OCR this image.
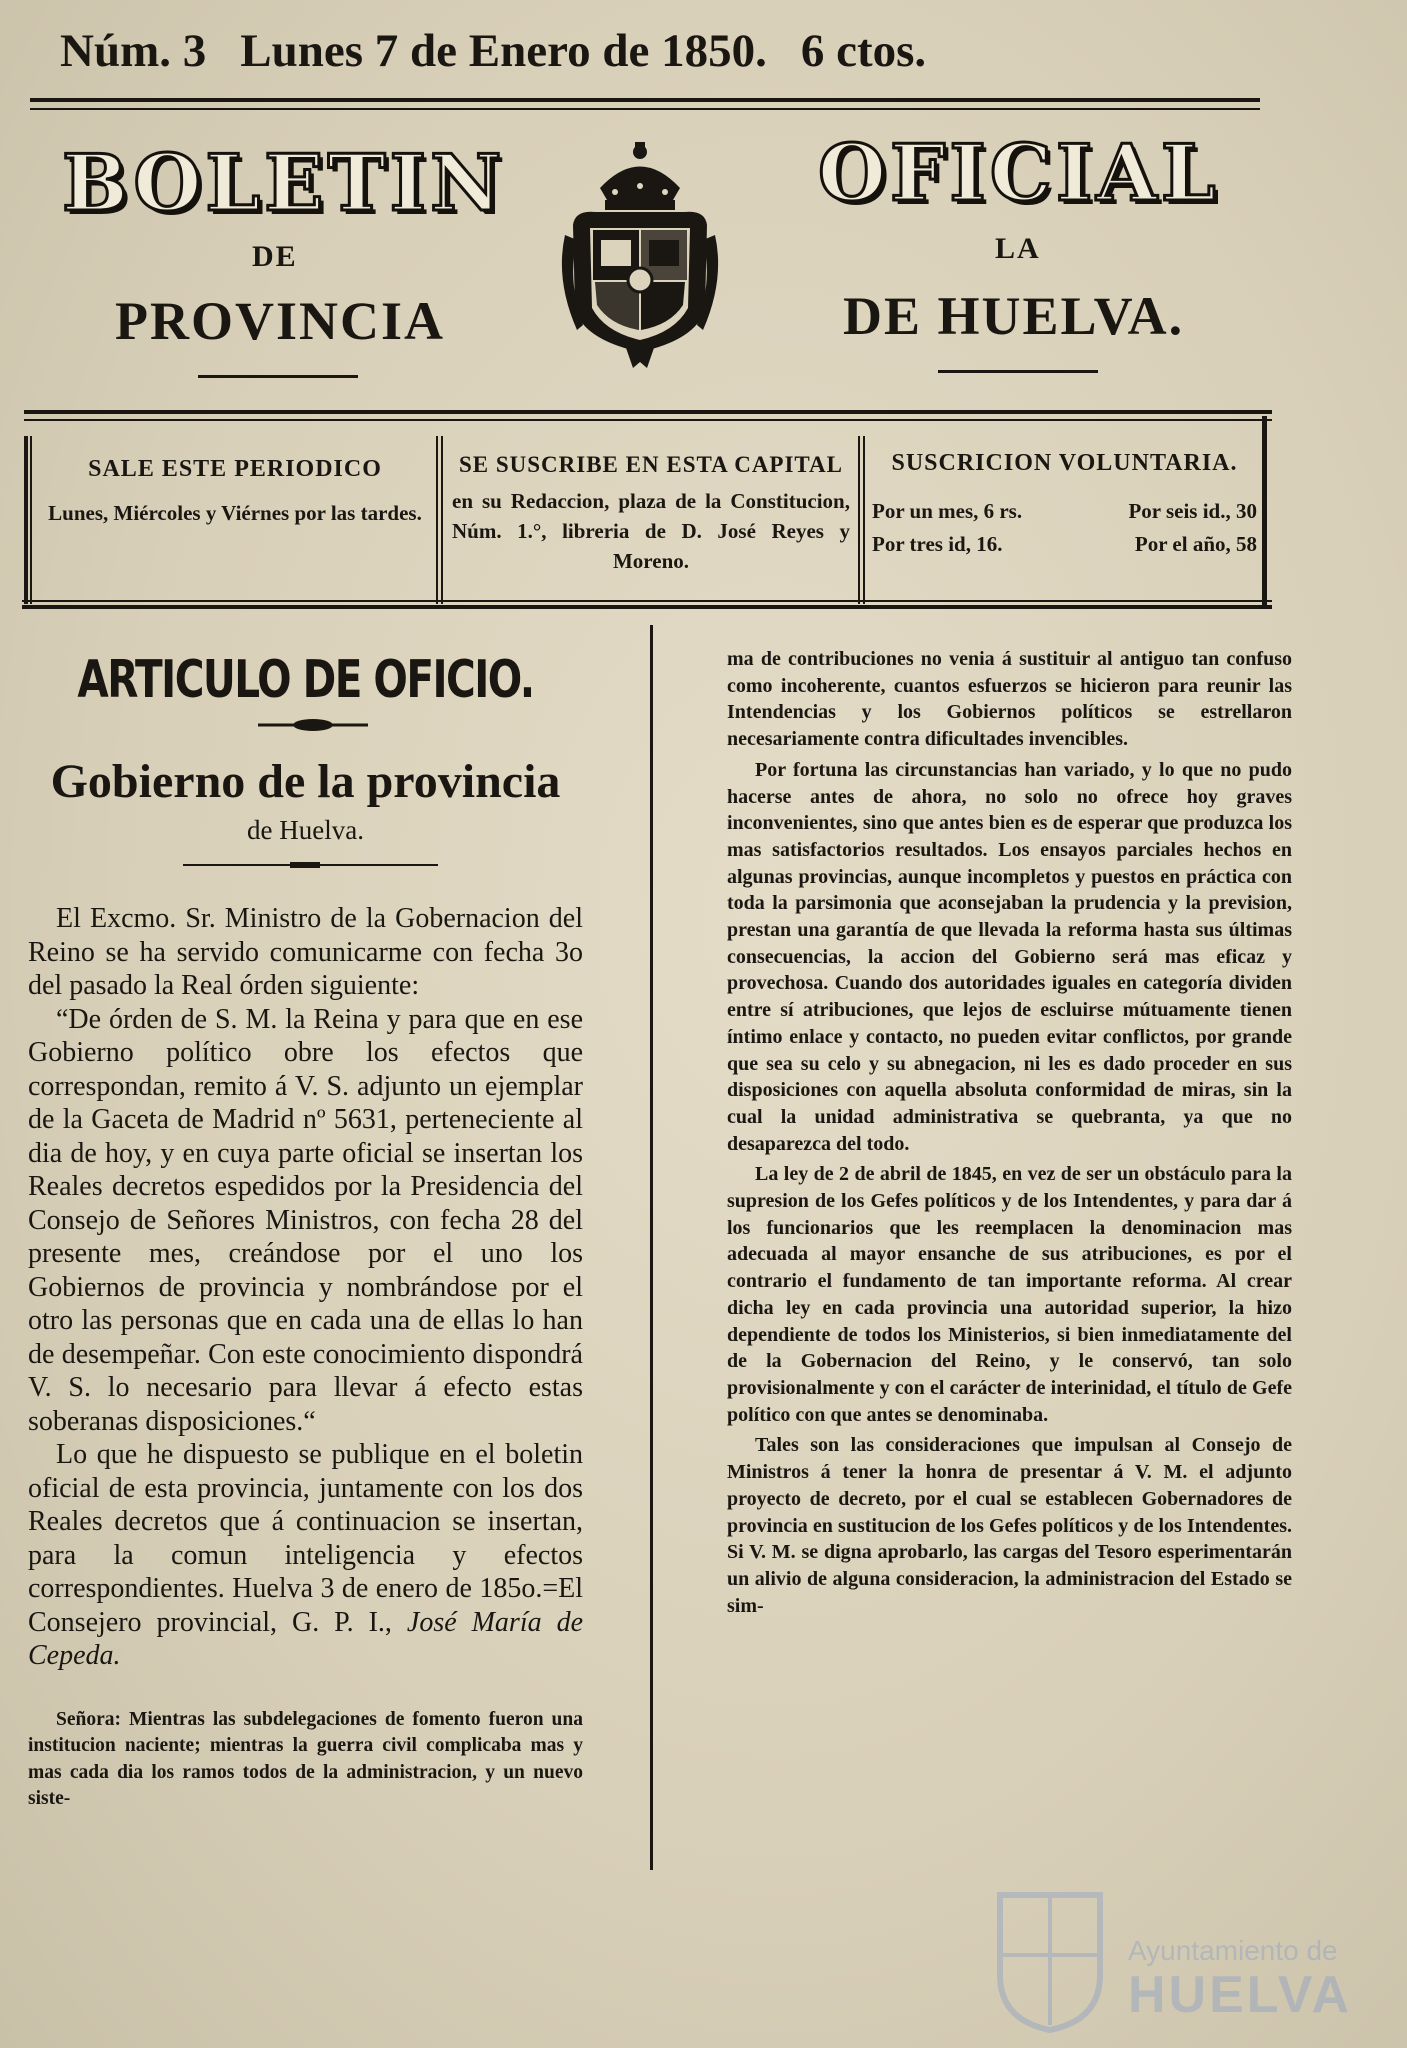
Núm. 3 Lunes 7 de Enero de 1850. 6 ctos.
BOLETIN	OFICIAL
DE	LA
PROVINCIA	DE HUELVA.
SALE ESTE PERIODICO
Lunes, Miércoles y Viérnes por las tardes.
SE SUSCRIBE EN ESTA CAPITAL
en su Redaccion, plaza de la Constitucion, Núm. 1.°, libreria de D. José Reyes y Moreno.
SUSCRICION VOLUNTARIA.
Por un mes, 6 rs.	Por seis id., 30
Por tres id, 16.	Por el año, 58
ARTICULO DE OFICIO.
Gobierno de la provincia
de Huelva.

El Excmo. Sr. Ministro de la Gobernacion del Reino se ha servido comunicarme con fecha 3o del pasado la Real órden siguiente:

“De órden de S. M. la Reina y para que en ese Gobierno político obre los efectos que correspondan, remito á V. S. adjunto un ejemplar de la Gaceta de Madrid nº 5631, perteneciente al dia de hoy, y en cuya parte oficial se insertan los Reales decretos espedidos por la Presidencia del Consejo de Señores Ministros, con fecha 28 del presente mes, creándose por el uno los Gobiernos de provincia y nombrándose por el otro las personas que en cada una de ellas lo han de desempeñar. Con este conocimiento dispondrá V. S. lo necesario para llevar á efecto estas soberanas disposiciones.“

Lo que he dispuesto se publique en el boletin oficial de esta provincia, juntamente con los dos Reales decretos que á continuacion se insertan, para la comun inteligencia y efectos correspondientes. Huelva 3 de enero de 185o.=El Consejero provincial, G. P. I., José María de Cepeda.

Señora: Mientras las subdelegaciones de fomento fueron una institucion naciente; mientras la guerra civil complicaba mas y mas cada dia los ramos todos de la administracion, y un nuevo siste-

ma de contribuciones no venia á sustituir al antiguo tan confuso como incoherente, cuantos esfuerzos se hicieron para reunir las Intendencias y los Gobiernos políticos se estrellaron necesariamente contra dificultades invencibles.

Por fortuna las circunstancias han variado, y lo que no pudo hacerse antes de ahora, no solo no ofrece hoy graves inconvenientes, sino que antes bien es de esperar que produzca los mas satisfactorios resultados. Los ensayos parciales hechos en algunas provincias, aunque incompletos y puestos en práctica con toda la parsimonia que aconsejaban la prudencia y la prevision, prestan una garantía de que llevada la reforma hasta sus últimas consecuencias, la accion del Gobierno será mas eficaz y provechosa. Cuando dos autoridades iguales en categoría dividen entre sí atribuciones, que lejos de escluirse mútuamente tienen íntimo enlace y contacto, no pueden evitar conflictos, por grande que sea su celo y su abnegacion, ni les es dado proceder en sus disposiciones con aquella absoluta conformidad de miras, sin la cual la unidad administrativa se quebranta, ya que no desaparezca del todo.

La ley de 2 de abril de 1845, en vez de ser un obstáculo para la supresion de los Gefes políticos y de los Intendentes, y para dar á los funcionarios que les reemplacen la denominacion mas adecuada al mayor ensanche de sus atribuciones, es por el contrario el fundamento de tan importante reforma. Al crear dicha ley en cada provincia una autoridad superior, la hizo dependiente de todos los Ministerios, si bien inmediatamente del de la Gobernacion del Reino, y le conservó, tan solo provisionalmente y con el carácter de interinidad, el título de Gefe político con que antes se denominaba.

Tales son las consideraciones que impulsan al Consejo de Ministros á tener la honra de presentar á V. M. el adjunto proyecto de decreto, por el cual se establecen Gobernadores de provincia en sustitucion de los Gefes políticos y de los Intendentes. Si V. M. se digna aprobarlo, las cargas del Tesoro esperimentarán un alivio de alguna consideracion, la administracion del Estado se sim-

Ayuntamiento de
HUELVA
